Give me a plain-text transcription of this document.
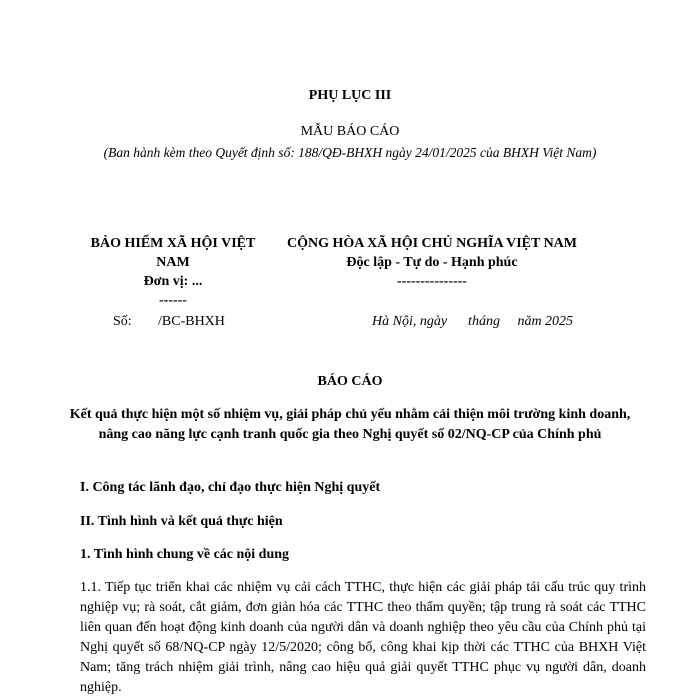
PHỤ LỤC III
MẪU BÁO CÁO
(Ban hành kèm theo Quyết định số: 188/QĐ-BHXH ngày 24/01/2025 của BHXH Việt Nam)
BẢO HIỂM XÃ HỘI VIỆT NAM
Đơn vị: ...
------
CỘNG HÒA XÃ HỘI CHỦ NGHĨA VIỆT NAM
Độc lập - Tự do - Hạnh phúc
---------------
Số: /BC-BHXH	Hà Nội, ngày      tháng     năm 2025
BÁO CÁO
Kết quả thực hiện một số nhiệm vụ, giải pháp chủ yếu nhằm cải thiện môi trường kinh doanh, nâng cao năng lực cạnh tranh quốc gia theo Nghị quyết số 02/NQ-CP của Chính phủ
I. Công tác lãnh đạo, chỉ đạo thực hiện Nghị quyết
II. Tình hình và kết quả thực hiện
1. Tình hình chung về các nội dung
1.1. Tiếp tục triển khai các nhiệm vụ cải cách TTHC, thực hiện các giải pháp tái cấu trúc quy trình nghiệp vụ; rà soát, cắt giảm, đơn giản hóa các TTHC theo thẩm quyền; tập trung rà soát các TTHC liên quan đến hoạt động kinh doanh của người dân và doanh nghiệp theo yêu cầu của Chính phủ tại Nghị quyết số 68/NQ-CP ngày 12/5/2020; công bố, công khai kịp thời các TTHC của BHXH Việt Nam; tăng trách nhiệm giải trình, nâng cao hiệu quả giải quyết TTHC phục vụ người dân, doanh nghiệp.
